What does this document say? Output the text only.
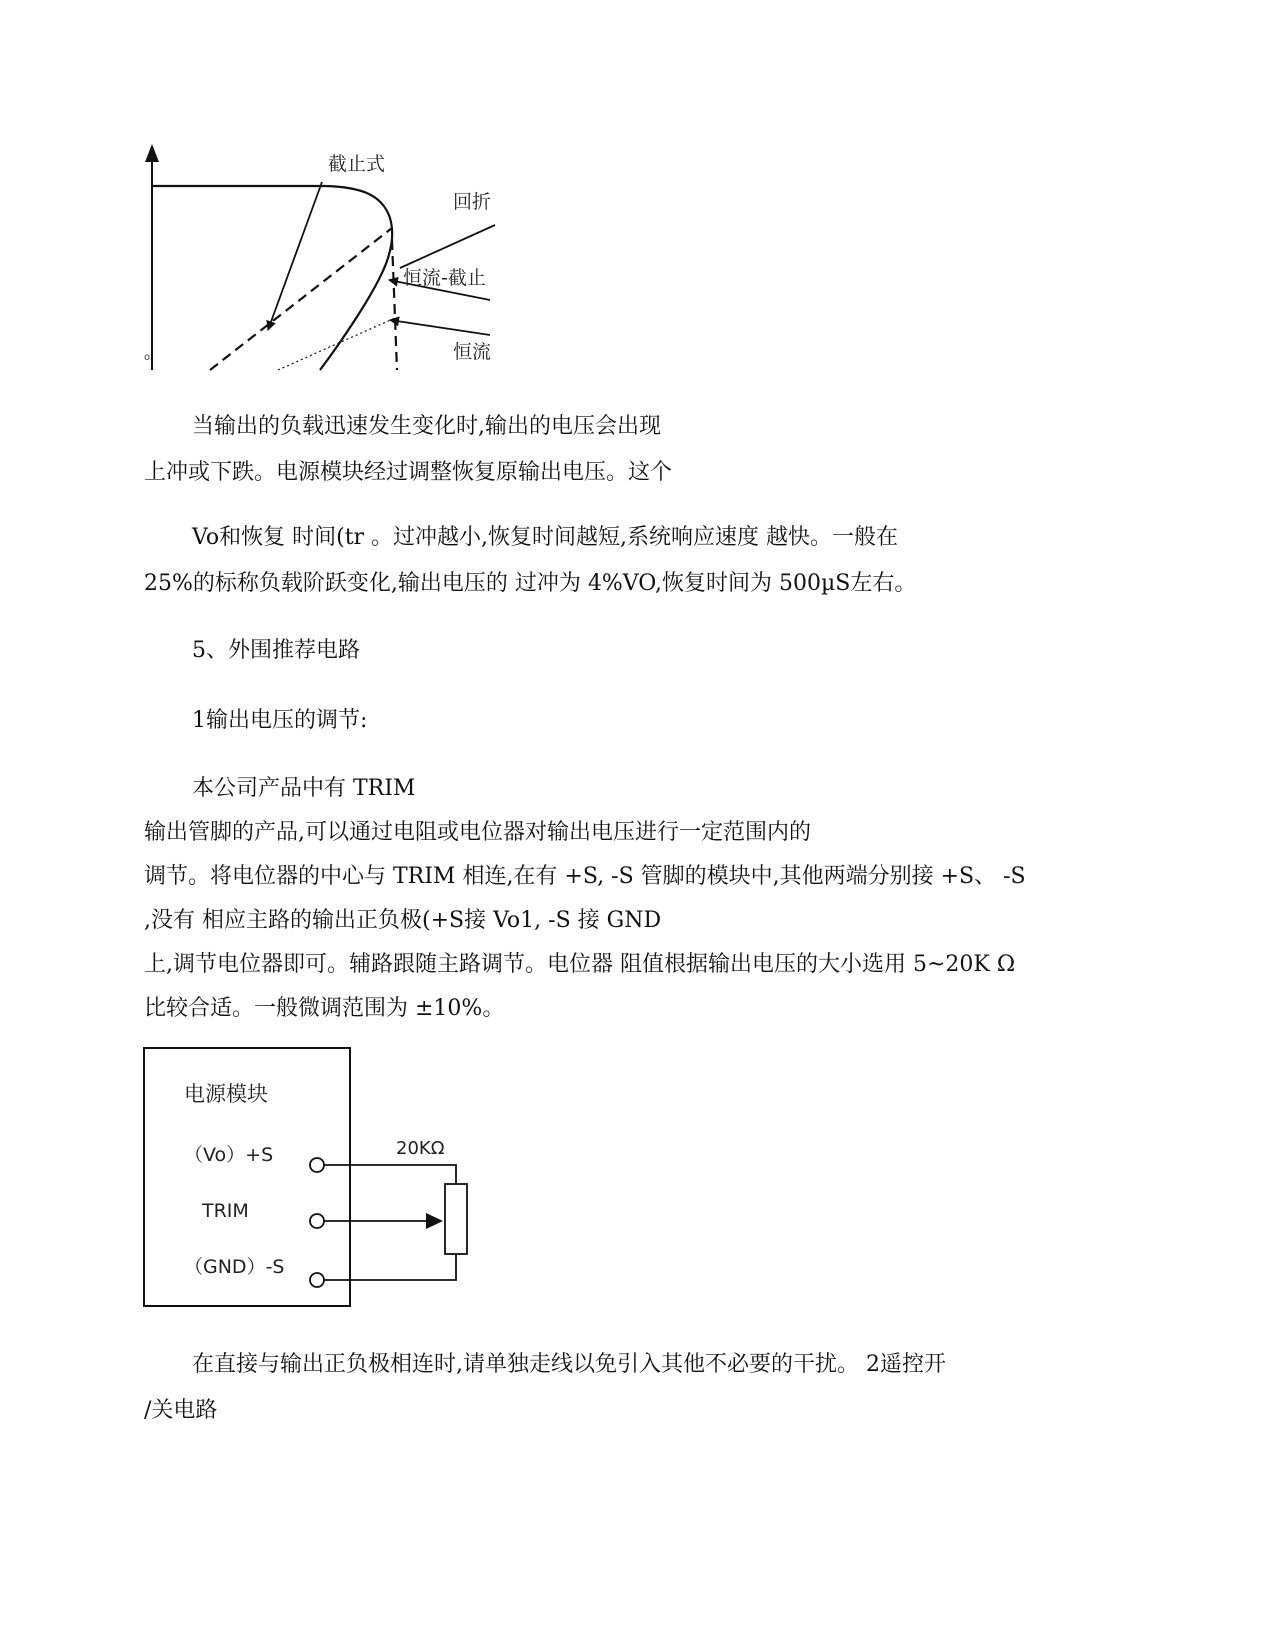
o
截止式
回折
恒流-截止
恒流
当输出的负载迅速发生变化时,输出的电压会出现
上冲或下跌。电源模块经过调整恢复原输出电压。这个
Vo和恢复 时间(tr 。过冲越小,恢复时间越短,系统响应速度 越快。一般在
25%的标称负载阶跃变化,输出电压的 过冲为 4%VO,恢复时间为 500µS左右。
5、外围推荐电路
1输出电压的调节:
本公司产品中有 TRIM
输出管脚的产品,可以通过电阻或电位器对输出电压进行一定范围内的
调节。将电位器的中心与 TRIM 相连,在有 +S, -S 管脚的模块中,其他两端分别接 +S、 -S
,没有 相应主路的输出正负极(+S接 Vo1, -S 接 GND
上,调节电位器即可。辅路跟随主路调节。电位器 阻值根据输出电压的大小选用 5~20K Ω
比较合适。一般微调范围为 ±10%。
电源模块
（Vo）+S
TRIM
（GND）-S
20KΩ
在直接与输出正负极相连时,请单独走线以免引入其他不必要的干扰。 2遥控开
/关电路
